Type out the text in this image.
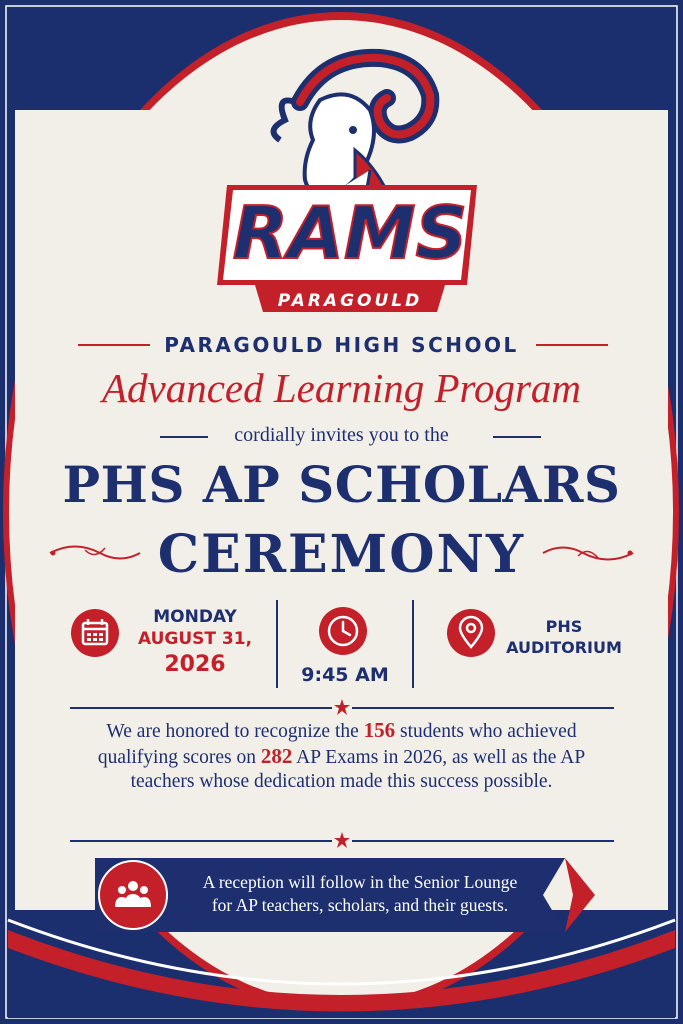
RAMS
PARAGOULD
PARAGOULD HIGH SCHOOL
Advanced Learning Program
cordially invites you to the
PHS AP SCHOLARS
CEREMONY
MONDAY
AUGUST 31,
2026	9:45 AM
PHS
AUDITORIUM
We are honored to recognize the 156 students who achieved qualifying scores on 282 AP Exams in 2026, as well as the AP teachers whose dedication made this success possible.
A reception will follow in the Senior Lounge
for AP teachers, scholars, and their guests.
